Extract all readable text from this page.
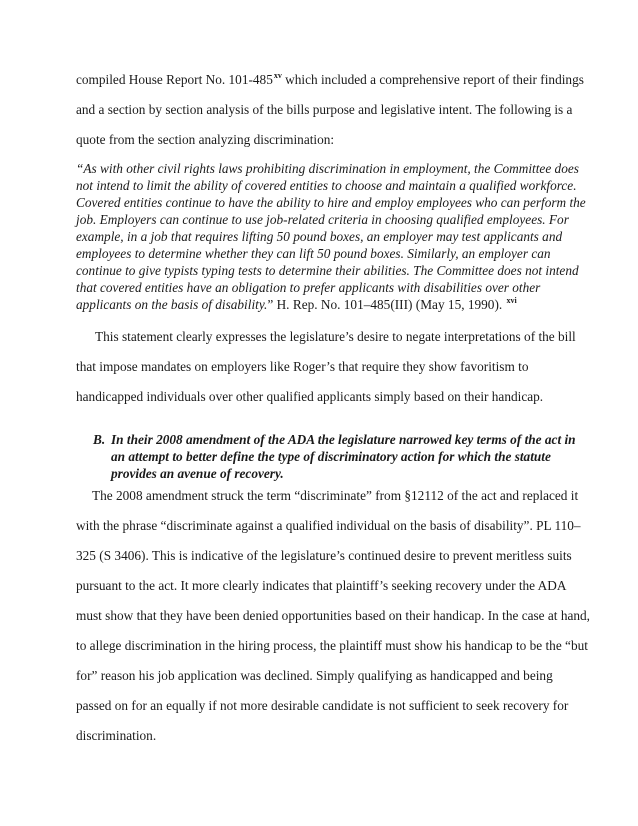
compiled House Report No. 101-485$^{xv}$ which included a comprehensive report of their findings
and a section by section analysis of the bills purpose and legislative intent. The following is a
quote from the section analyzing discrimination:
“As with other civil rights laws prohibiting discrimination in employment, the Committee does
not intend to limit the ability of covered entities to choose and maintain a qualified workforce.
Covered entities continue to have the ability to hire and employ employees who can perform the
job. Employers can continue to use job-related criteria in choosing qualified employees. For
example, in a job that requires lifting 50 pound boxes, an employer may test applicants and
employees to determine whether they can lift 50 pound boxes. Similarly, an employer can
continue to give typists typing tests to determine their abilities. The Committee does not intend
that covered entities have an obligation to prefer applicants with disabilities over other
applicants on the basis of disability.” H. Rep. No. 101–485(III) (May 15, 1990). $^{xvi}$
This statement clearly expresses the legislature’s desire to negate interpretations of the bill
that impose mandates on employers like Roger’s that require they show favoritism to
handicapped individuals over other qualified applicants simply based on their handicap.
B. In their 2008 amendment of the ADA the legislature narrowed key terms of the act in
an attempt to better define the type of discriminatory action for which the statute
provides an avenue of recovery.
The 2008 amendment struck the term “discriminate” from §12112 of the act and replaced it
with the phrase “discriminate against a qualified individual on the basis of disability”. PL 110–
325 (S 3406). This is indicative of the legislature’s continued desire to prevent meritless suits
pursuant to the act. It more clearly indicates that plaintiff’s seeking recovery under the ADA
must show that they have been denied opportunities based on their handicap. In the case at hand,
to allege discrimination in the hiring process, the plaintiff must show his handicap to be the “but
for” reason his job application was declined. Simply qualifying as handicapped and being
passed on for an equally if not more desirable candidate is not sufficient to seek recovery for
discrimination.
